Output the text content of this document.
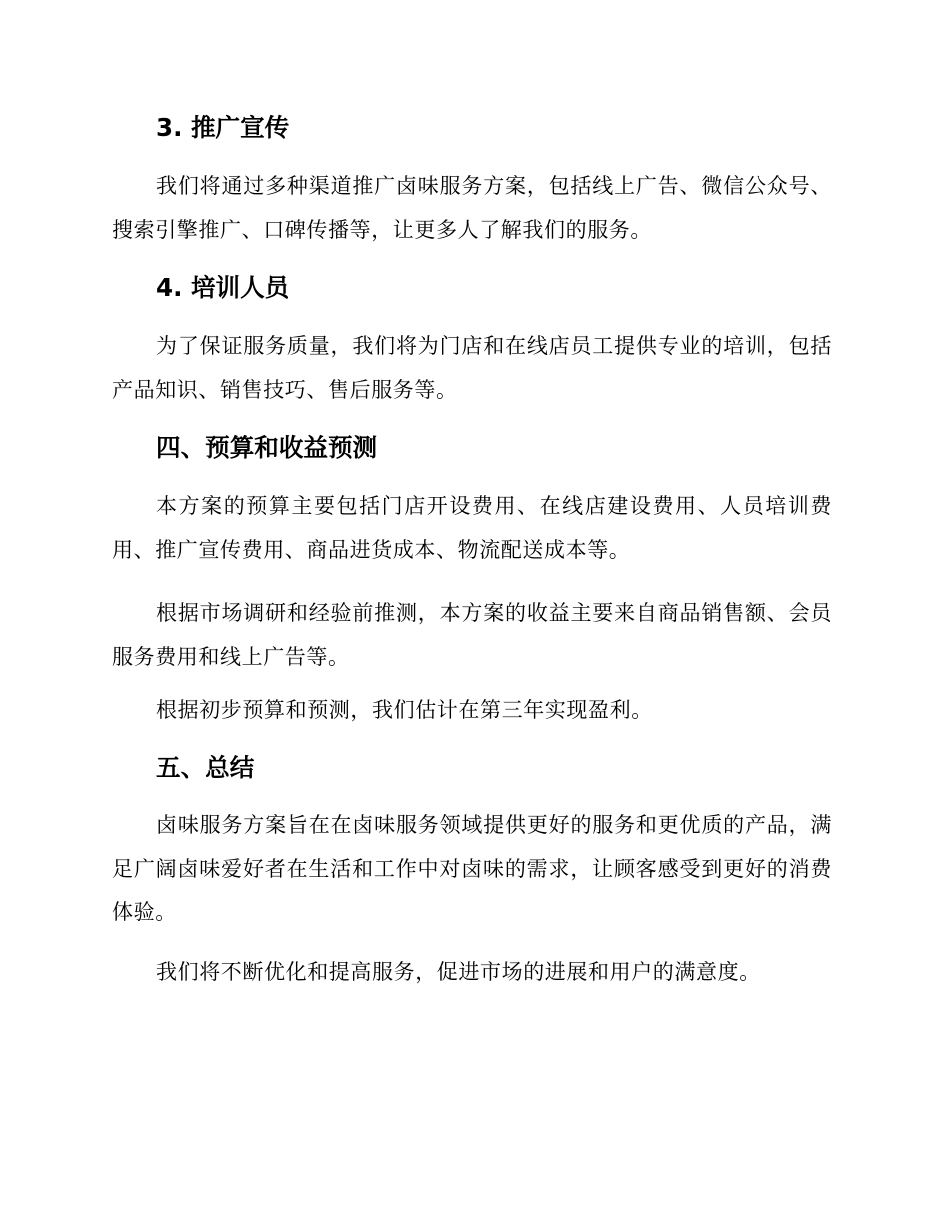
3. 推广宣传

我们将通过多种渠道推广卤味服务方案，包括线上广告、微信公众号、搜索引擎推广、口碑传播等，让更多人了解我们的服务。

4. 培训人员

为了保证服务质量，我们将为门店和在线店员工提供专业的培训，包括产品知识、销售技巧、售后服务等。

四、预算和收益预测

本方案的预算主要包括门店开设费用、在线店建设费用、人员培训费用、推广宣传费用、商品进货成本、物流配送成本等。

根据市场调研和经验前推测，本方案的收益主要来自商品销售额、会员服务费用和线上广告等。

根据初步预算和预测，我们估计在第三年实现盈利。

五、总结

卤味服务方案旨在在卤味服务领域提供更好的服务和更优质的产品，满足广阔卤味爱好者在生活和工作中对卤味的需求，让顾客感受到更好的消费体验。

我们将不断优化和提高服务，促进市场的进展和用户的满意度。
